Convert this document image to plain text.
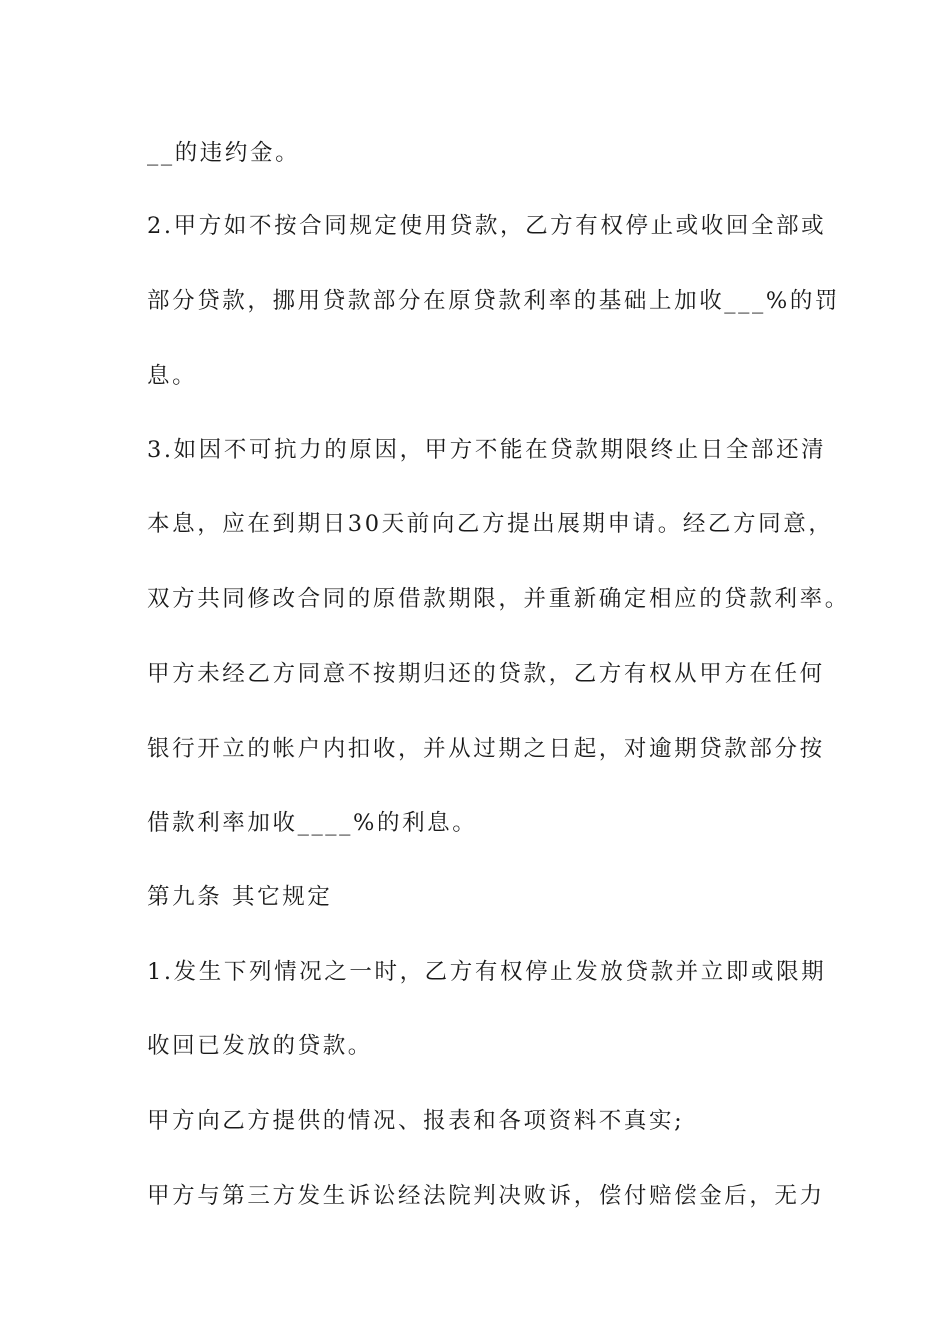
__的违约金。
2.甲方如不按合同规定使用贷款，乙方有权停止或收回全部或
部分贷款，挪用贷款部分在原贷款利率的基础上加收___%的罚
息。
3.如因不可抗力的原因，甲方不能在贷款期限终止日全部还清
本息，应在到期日30天前向乙方提出展期申请。经乙方同意，
双方共同修改合同的原借款期限，并重新确定相应的贷款利率。
甲方未经乙方同意不按期归还的贷款，乙方有权从甲方在任何
银行开立的帐户内扣收，并从过期之日起，对逾期贷款部分按
借款利率加收____%的利息。
第九条 其它规定
1.发生下列情况之一时，乙方有权停止发放贷款并立即或限期
收回已发放的贷款。
甲方向乙方提供的情况、报表和各项资料不真实;
甲方与第三方发生诉讼经法院判决败诉，偿付赔偿金后，无力
